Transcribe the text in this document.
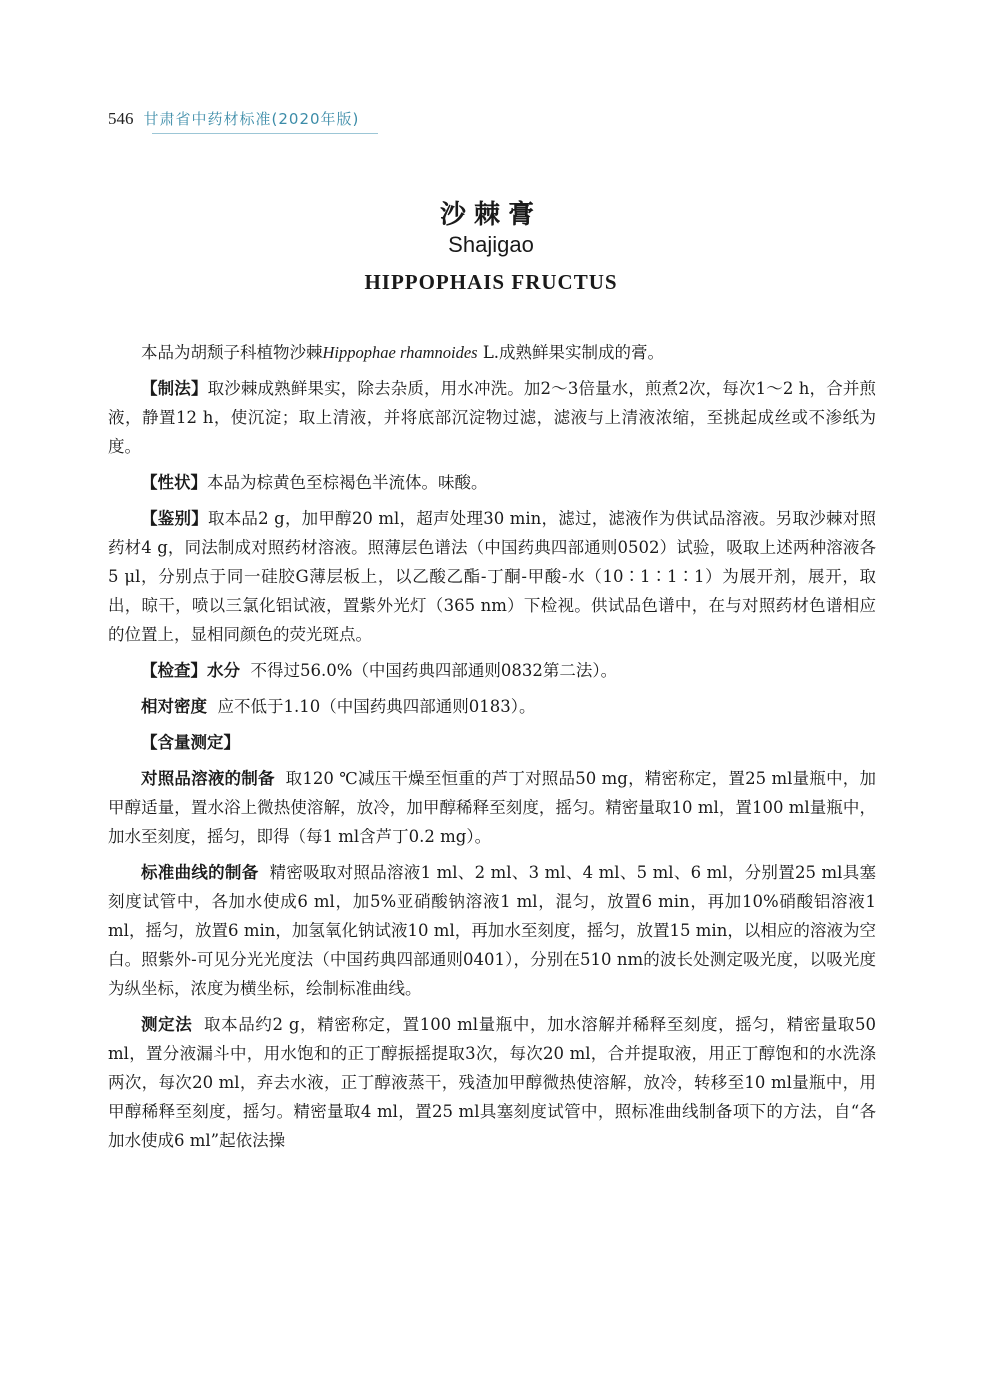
546 甘肃省中药材标准(2020年版)
沙棘膏
Shajigao
HIPPOPHAIS FRUCTUS

本品为胡颓子科植物沙棘Hippophae rhamnoides L.成熟鲜果实制成的膏。

【制法】取沙棘成熟鲜果实，除去杂质，用水冲洗。加2～3倍量水，煎煮2次，每次1～2 h，合并煎液，静置12 h，使沉淀；取上清液，并将底部沉淀物过滤，滤液与上清液浓缩，至挑起成丝或不渗纸为度。

【性状】本品为棕黄色至棕褐色半流体。味酸。

【鉴别】取本品2 g，加甲醇20 ml，超声处理30 min，滤过，滤液作为供试品溶液。另取沙棘对照药材4 g，同法制成对照药材溶液。照薄层色谱法（中国药典四部通则0502）试验，吸取上述两种溶液各5 μl，分别点于同一硅胶G薄层板上，以乙酸乙酯-丁酮-甲酸-水（10∶1∶1∶1）为展开剂，展开，取出，晾干，喷以三氯化铝试液，置紫外光灯（365 nm）下检视。供试品色谱中，在与对照药材色谱相应的位置上，显相同颜色的荧光斑点。

【检查】水分 不得过56.0%（中国药典四部通则0832第二法）。

相对密度 应不低于1.10（中国药典四部通则0183）。

【含量测定】

对照品溶液的制备 取120 ℃减压干燥至恒重的芦丁对照品50 mg，精密称定，置25 ml量瓶中，加甲醇适量，置水浴上微热使溶解，放冷，加甲醇稀释至刻度，摇匀。精密量取10 ml，置100 ml量瓶中，加水至刻度，摇匀，即得（每1 ml含芦丁0.2 mg）。

标准曲线的制备 精密吸取对照品溶液1 ml、2 ml、3 ml、4 ml、5 ml、6 ml，分别置25 ml具塞刻度试管中，各加水使成6 ml，加5%亚硝酸钠溶液1 ml，混匀，放置6 min，再加10%硝酸铝溶液1 ml，摇匀，放置6 min，加氢氧化钠试液10 ml，再加水至刻度，摇匀，放置15 min，以相应的溶液为空白。照紫外-可见分光光度法（中国药典四部通则0401），分别在510 nm的波长处测定吸光度，以吸光度为纵坐标，浓度为横坐标，绘制标准曲线。

测定法 取本品约2 g，精密称定，置100 ml量瓶中，加水溶解并稀释至刻度，摇匀，精密量取50 ml，置分液漏斗中，用水饱和的正丁醇振摇提取3次，每次20 ml，合并提取液，用正丁醇饱和的水洗涤两次，每次20 ml，弃去水液，正丁醇液蒸干，残渣加甲醇微热使溶解，放冷，转移至10 ml量瓶中，用甲醇稀释至刻度，摇匀。精密量取4 ml，置25 ml具塞刻度试管中，照标准曲线制备项下的方法，自“各加水使成6 ml”起依法操
